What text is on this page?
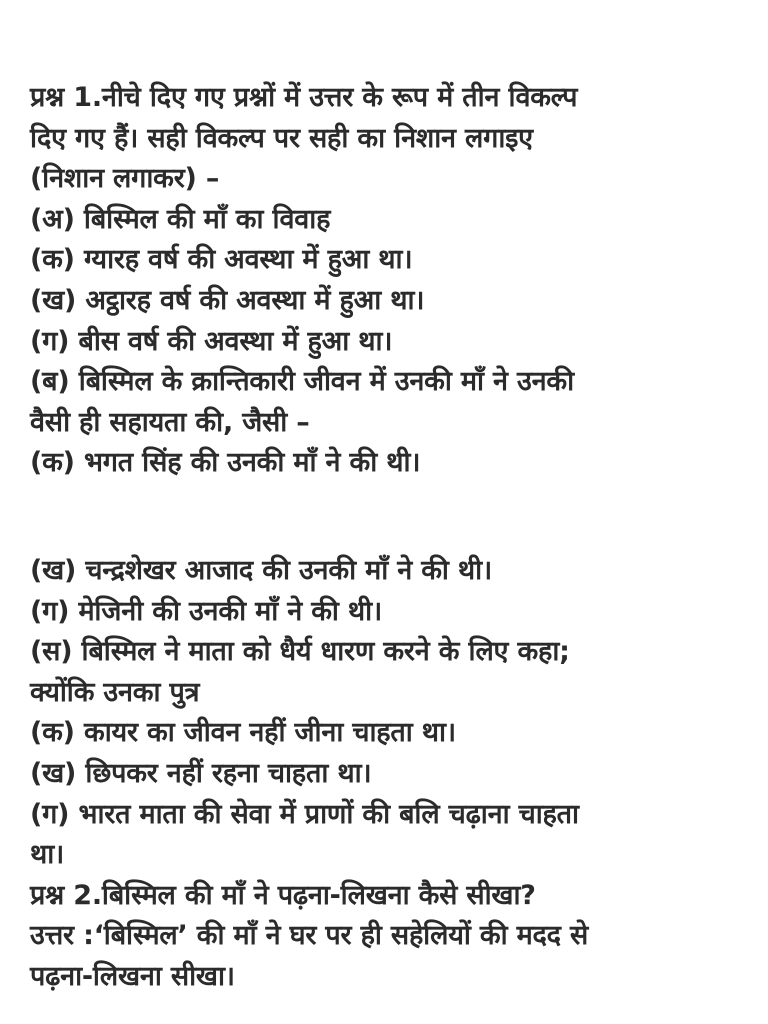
प्रश्न 1.नीचे दिए गए प्रश्नों में उत्तर के रूप में तीन विकल्प
दिए गए हैं। सही विकल्प पर सही का निशान लगाइए
(निशान लगाकर) –
(अ) बिस्मिल की माँ का विवाह
(क) ग्यारह वर्ष की अवस्था में हुआ था।
(ख) अट्ठारह वर्ष की अवस्था में हुआ था।
(ग) बीस वर्ष की अवस्था में हुआ था।
(ब) बिस्मिल के क्रान्तिकारी जीवन में उनकी माँ ने उनकी
वैसी ही सहायता की, जैसी –
(क) भगत सिंह की उनकी माँ ने की थी।
(ख) चन्द्रशेखर आजाद की उनकी माँ ने की थी।
(ग) मेजिनी की उनकी माँ ने की थी।
(स) बिस्मिल ने माता को धैर्य धारण करने के लिए कहा;
क्योंकि उनका पुत्र
(क) कायर का जीवन नहीं जीना चाहता था।
(ख) छिपकर नहीं रहना चाहता था।
(ग) भारत माता की सेवा में प्राणों की बलि चढ़ाना चाहता
था।
प्रश्न 2.बिस्मिल की माँ ने पढ़ना-लिखना कैसे सीखा?
उत्तर :‘बिस्मिल’ की माँ ने घर पर ही सहेलियों की मदद से
पढ़ना-लिखना सीखा।
